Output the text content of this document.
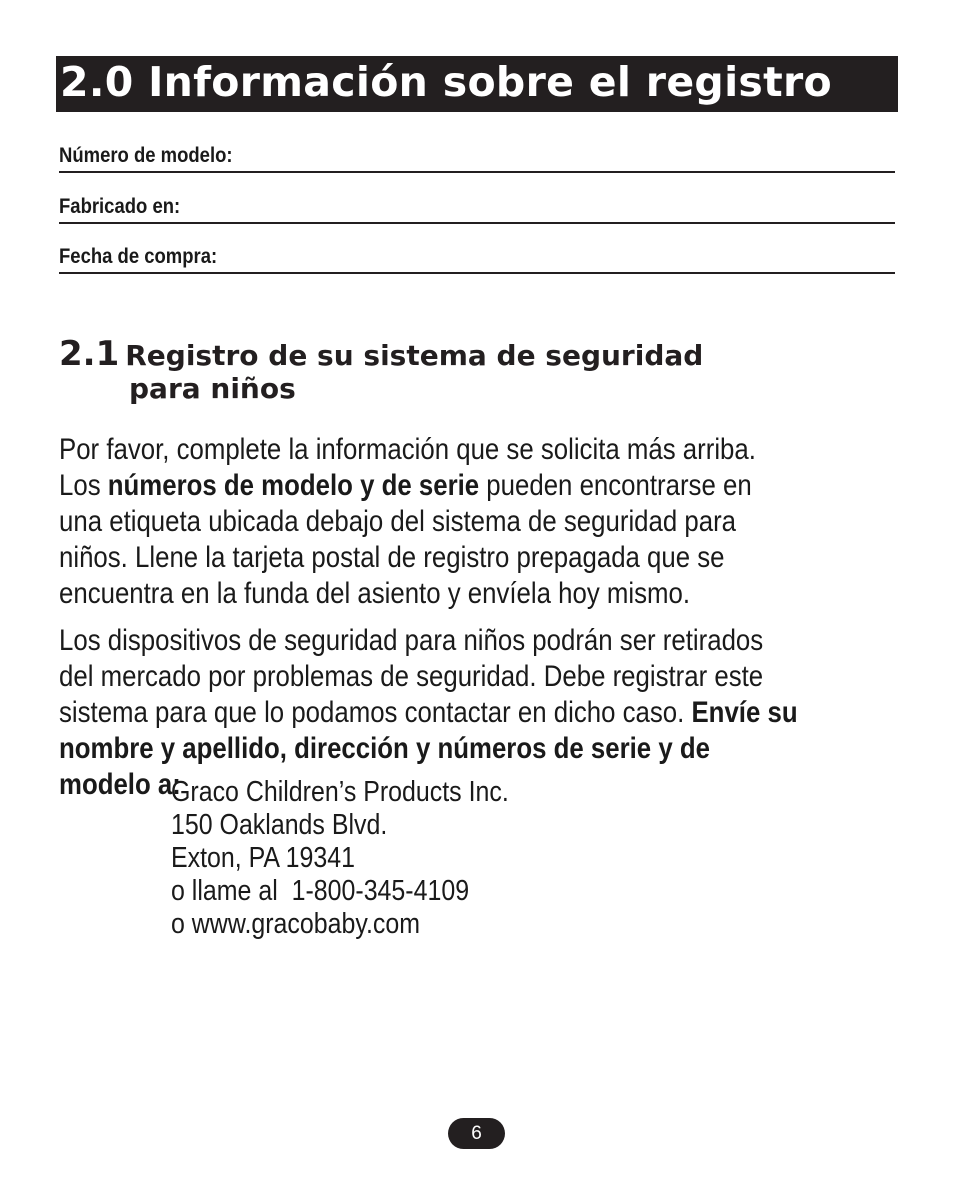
2.0 Información sobre el registro
Número de modelo:
Fabricado en:
Fecha de compra:
2.1 Registro de su sistema de seguridad
para niños
Por favor, complete la información que se solicita más arriba. Los números de modelo y de serie pueden encontrarse en una etiqueta ubicada debajo del sistema de seguridad para niños. Llene la tarjeta postal de registro prepagada que se encuentra en la funda del asiento y envíela hoy mismo.
Los dispositivos de seguridad para niños podrán ser retirados del mercado por problemas de seguridad. Debe registrar este sistema para que lo podamos contactar en dicho caso. Envíe su nombre y apellido, dirección y números de serie y de modelo a:
Graco Children’s Products Inc.
150 Oaklands Blvd.
Exton, PA 19341
o llame al  1-800-345-4109
o www.gracobaby.com
6
